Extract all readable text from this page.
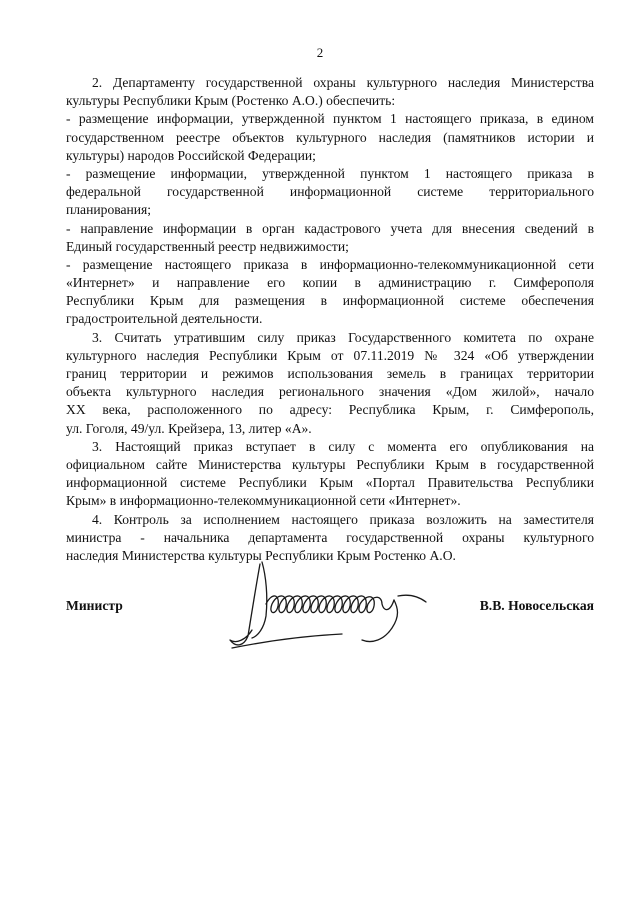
2
2. Департаменту государственной охраны культурного наследия Министерства
культуры Республики Крым (Ростенко А.О.) обеспечить:
- размещение информации, утвержденной пунктом 1 настоящего приказа, в едином
государственном реестре объектов культурного наследия (памятников истории и
культуры) народов Российской Федерации;
- размещение информации, утвержденной пунктом 1 настоящего приказа в
федеральной государственной информационной системе территориального
планирования;
- направление информации в орган кадастрового учета для внесения сведений в
Единый государственный реестр недвижимости;
- размещение настоящего приказа в информационно-телекоммуникационной сети
«Интернет» и направление его копии в администрацию г. Симферополя
Республики Крым для размещения в информационной системе обеспечения
градостроительной деятельности.
3. Считать утратившим силу приказ Государственного комитета по охране
культурного наследия Республики Крым от 07.11.2019 № 324 «Об утверждении
границ территории и режимов использования земель в границах территории
объекта культурного наследия регионального значения «Дом жилой», начало
XX века, расположенного по адресу: Республика Крым, г. Симферополь,
ул. Гоголя, 49/ул. Крейзера, 13, литер «А».
3. Настоящий приказ вступает в силу с момента его опубликования на
официальном сайте Министерства культуры Республики Крым в государственной
информационной системе Республики Крым «Портал Правительства Республики
Крым» в информационно-телекоммуникационной сети «Интернет».
4. Контроль за исполнением настоящего приказа возложить на заместителя
министра - начальника департамента государственной охраны культурного
наследия Министерства культуры Республики Крым Ростенко А.О.
Министр	В.В. Новосельская
